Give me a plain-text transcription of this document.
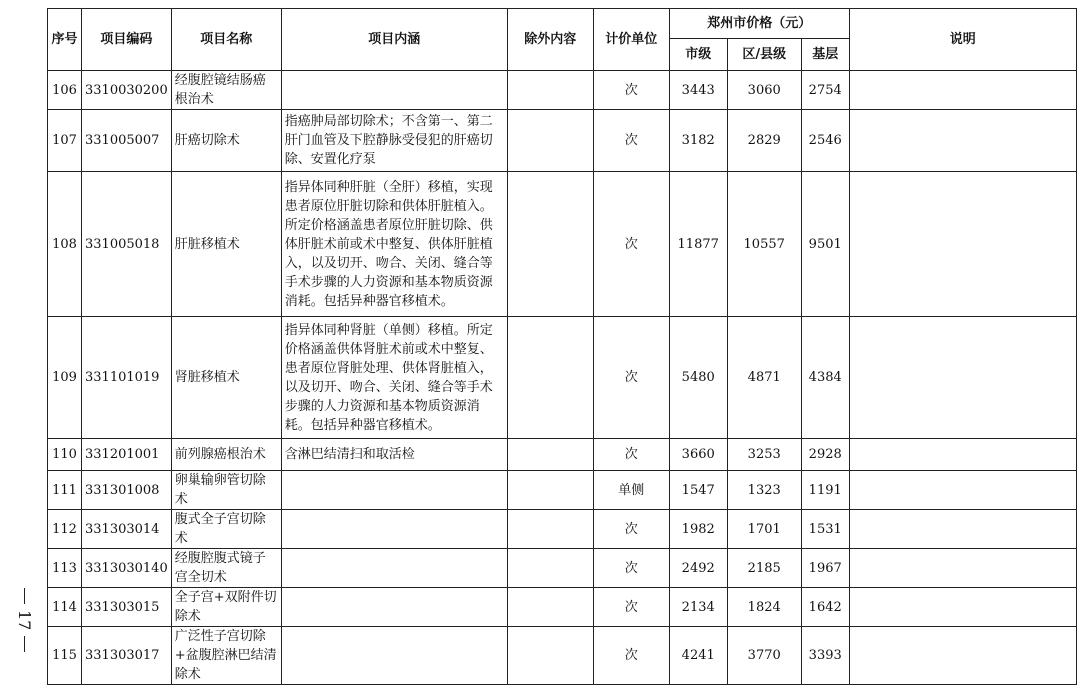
序号	项目编码	项目名称	项目内涵	除外内容	计价单位	郑州市价格（元）			说明
						市级	区/县级	基层	
106	3310030200	经腹腔镜结肠癌根治术			次	3443	3060	2754	
107	331005007	肝癌切除术	指癌肿局部切除术；不含第一、第二肝门血管及下腔静脉受侵犯的肝癌切除、安置化疗泵		次	3182	2829	2546	
108	331005018	肝脏移植术	指异体同种肝脏（全肝）移植，实现患者原位肝脏切除和供体肝脏植入。所定价格涵盖患者原位肝脏切除、供体肝脏术前或术中整复、供体肝脏植入，以及切开、吻合、关闭、缝合等手术步骤的人力资源和基本物质资源消耗。包括异种器官移植术。		次	11877	10557	9501	
109	331101019	肾脏移植术	指异体同种肾脏（单侧）移植。所定价格涵盖供体肾脏术前或术中整复、患者原位肾脏处理、供体肾脏植入，以及切开、吻合、关闭、缝合等手术步骤的人力资源和基本物质资源消耗。包括异种器官移植术。		次	5480	4871	4384	
110	331201001	前列腺癌根治术	含淋巴结清扫和取活检		次	3660	3253	2928	
111	331301008	卵巢输卵管切除术			单侧	1547	1323	1191	
112	331303014	腹式全子宫切除术			次	1982	1701	1531	
113	3313030140	经腹腔腹式镜子宫全切术			次	2492	2185	1967	
114	331303015	全子宫+双附件切除术			次	2134	1824	1642	
115	331303017	广泛性子宫切除+盆腹腔淋巴结清除术			次	4241	3770	3393	
17
